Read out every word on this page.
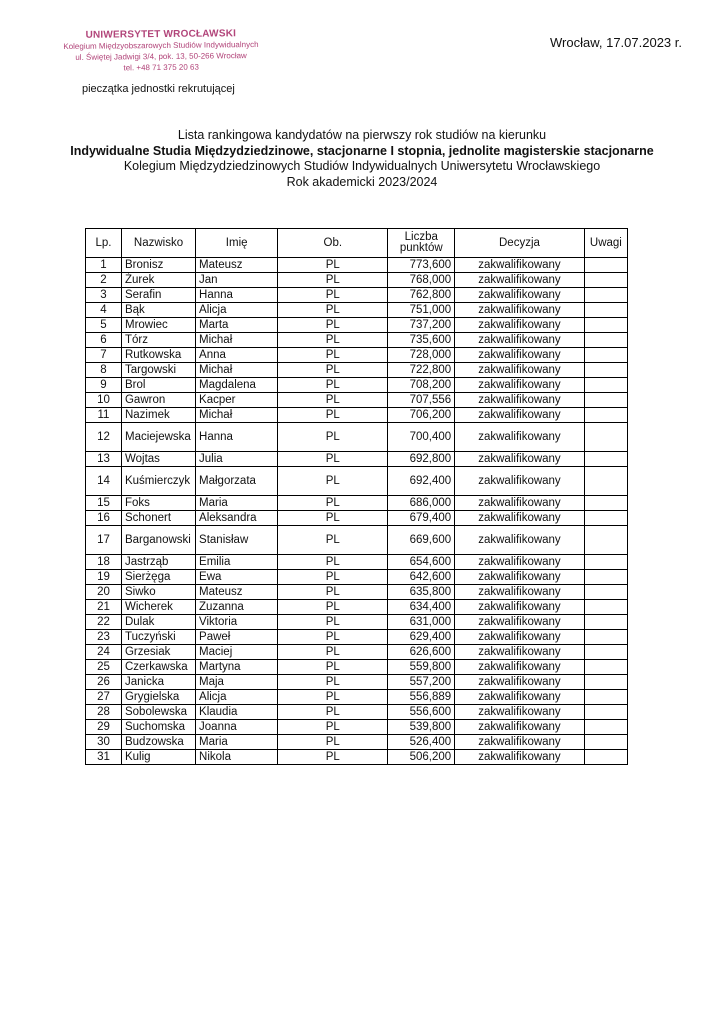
UNIWERSYTET WROCŁAWSKI
Kolegium Międzyobszarowych Studiów Indywidualnych
ul. Świętej Jadwigi 3/4, pok. 13, 50-266 Wrocław
tel. +48 71 375 20 63
pieczątka jednostki rekrutującej
Wrocław, 17.07.2023 r.
Lista rankingowa kandydatów na pierwszy rok studiów na kierunku
Indywidualne Studia Międzydziedzinowe, stacjonarne I stopnia, jednolite magisterskie stacjonarne
Kolegium Międzydziedzinowych Studiów Indywidualnych Uniwersytetu Wrocławskiego
Rok akademicki 2023/2024
Lp.	Nazwisko	Imię	Ob.	Liczba punktów	Decyzja	Uwagi
1	Bronisz	Mateusz	PL	773,600	zakwalifikowany	
2	Żurek	Jan	PL	768,000	zakwalifikowany	
3	Serafin	Hanna	PL	762,800	zakwalifikowany	
4	Bąk	Alicja	PL	751,000	zakwalifikowany	
5	Mrowiec	Marta	PL	737,200	zakwalifikowany	
6	Tórz	Michał	PL	735,600	zakwalifikowany	
7	Rutkowska	Anna	PL	728,000	zakwalifikowany	
8	Targowski	Michał	PL	722,800	zakwalifikowany	
9	Brol	Magdalena	PL	708,200	zakwalifikowany	
10	Gawron	Kacper	PL	707,556	zakwalifikowany	
11	Nazimek	Michał	PL	706,200	zakwalifikowany	
12	Maciejewska	Hanna	PL	700,400	zakwalifikowany	
13	Wojtas	Julia	PL	692,800	zakwalifikowany	
14	Kuśmierczyk	Małgorzata	PL	692,400	zakwalifikowany	
15	Foks	Maria	PL	686,000	zakwalifikowany	
16	Schonert	Aleksandra	PL	679,400	zakwalifikowany	
17	Barganowski	Stanisław	PL	669,600	zakwalifikowany	
18	Jastrząb	Emilia	PL	654,600	zakwalifikowany	
19	Sierżęga	Ewa	PL	642,600	zakwalifikowany	
20	Siwko	Mateusz	PL	635,800	zakwalifikowany	
21	Wicherek	Zuzanna	PL	634,400	zakwalifikowany	
22	Dulak	Viktoria	PL	631,000	zakwalifikowany	
23	Tuczyński	Paweł	PL	629,400	zakwalifikowany	
24	Grzesiak	Maciej	PL	626,600	zakwalifikowany	
25	Czerkawska	Martyna	PL	559,800	zakwalifikowany	
26	Janicka	Maja	PL	557,200	zakwalifikowany	
27	Grygielska	Alicja	PL	556,889	zakwalifikowany	
28	Sobolewska	Klaudia	PL	556,600	zakwalifikowany	
29	Suchomska	Joanna	PL	539,800	zakwalifikowany	
30	Budzowska	Maria	PL	526,400	zakwalifikowany	
31	Kulig	Nikola	PL	506,200	zakwalifikowany	
